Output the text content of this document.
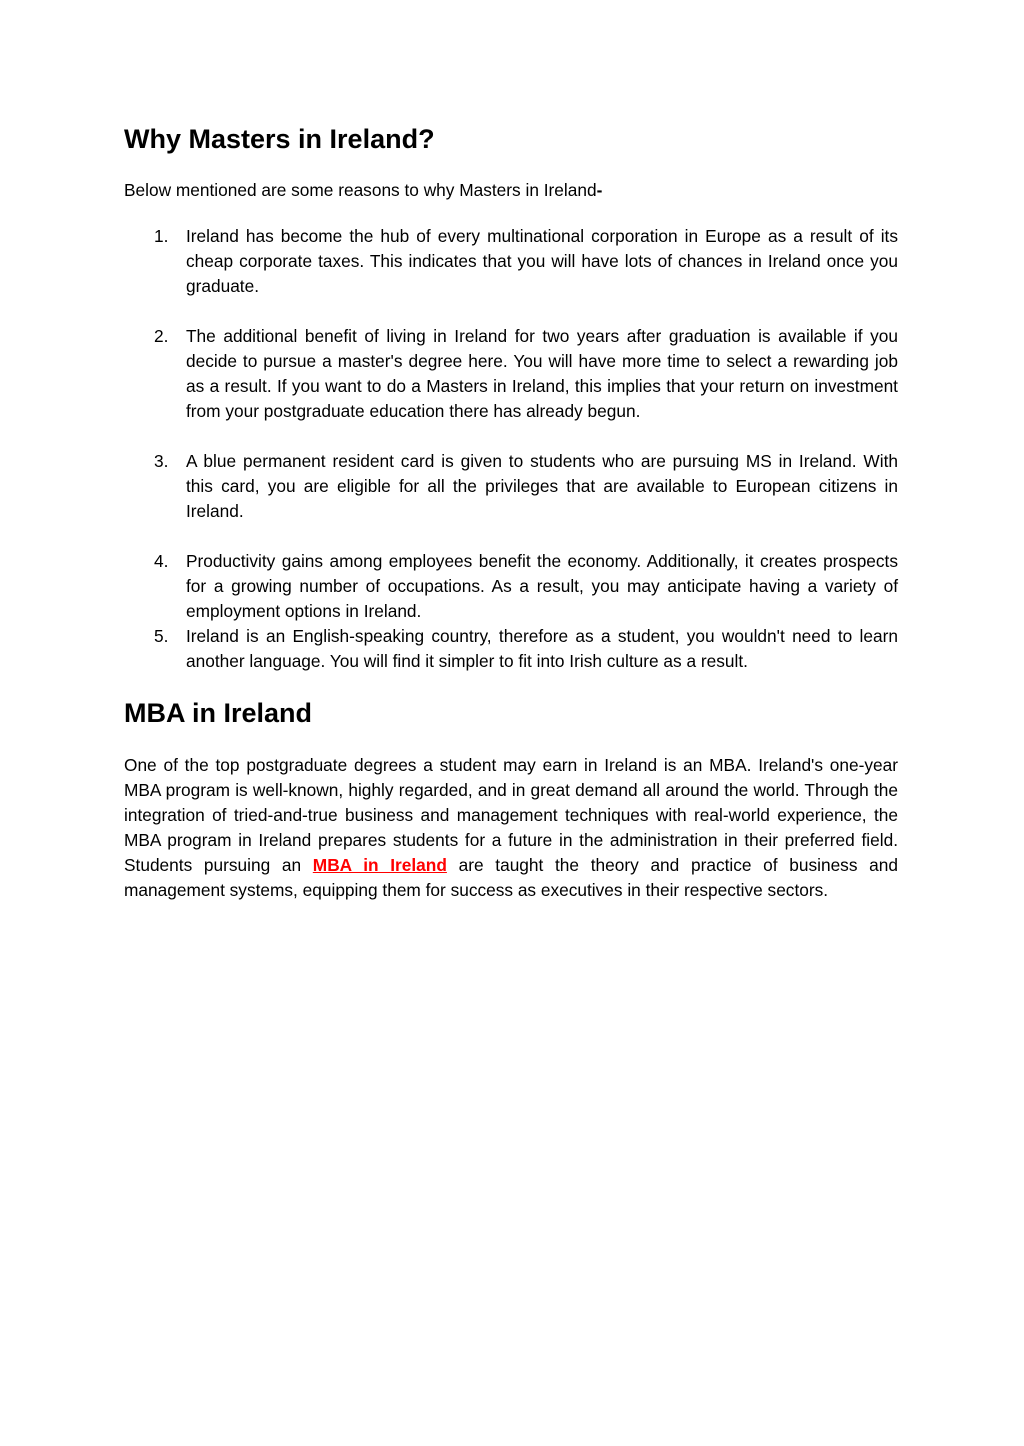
Why Masters in Ireland?

Below mentioned are some reasons to why Masters in Ireland-

1. Ireland has become the hub of every multinational corporation in Europe as a result of its cheap corporate taxes. This indicates that you will have lots of chances in Ireland once you graduate.
2. The additional benefit of living in Ireland for two years after graduation is available if you decide to pursue a master's degree here. You will have more time to select a rewarding job as a result. If you want to do a Masters in Ireland, this implies that your return on investment from your postgraduate education there has already begun.
3. A blue permanent resident card is given to students who are pursuing MS in Ireland. With this card, you are eligible for all the privileges that are available to European citizens in Ireland.
4. Productivity gains among employees benefit the economy. Additionally, it creates prospects for a growing number of occupations. As a result, you may anticipate having a variety of employment options in Ireland.
5. Ireland is an English-speaking country, therefore as a student, you wouldn't need to learn another language. You will find it simpler to fit into Irish culture as a result.
MBA in Ireland

One of the top postgraduate degrees a student may earn in Ireland is an MBA. Ireland's one-year MBA program is well-known, highly regarded, and in great demand all around the world. Through the integration of tried-and-true business and management techniques with real-world experience, the MBA program in Ireland prepares students for a future in the administration in their preferred field. Students pursuing an MBA in Ireland are taught the theory and practice of business and management systems, equipping them for success as executives in their respective sectors.
